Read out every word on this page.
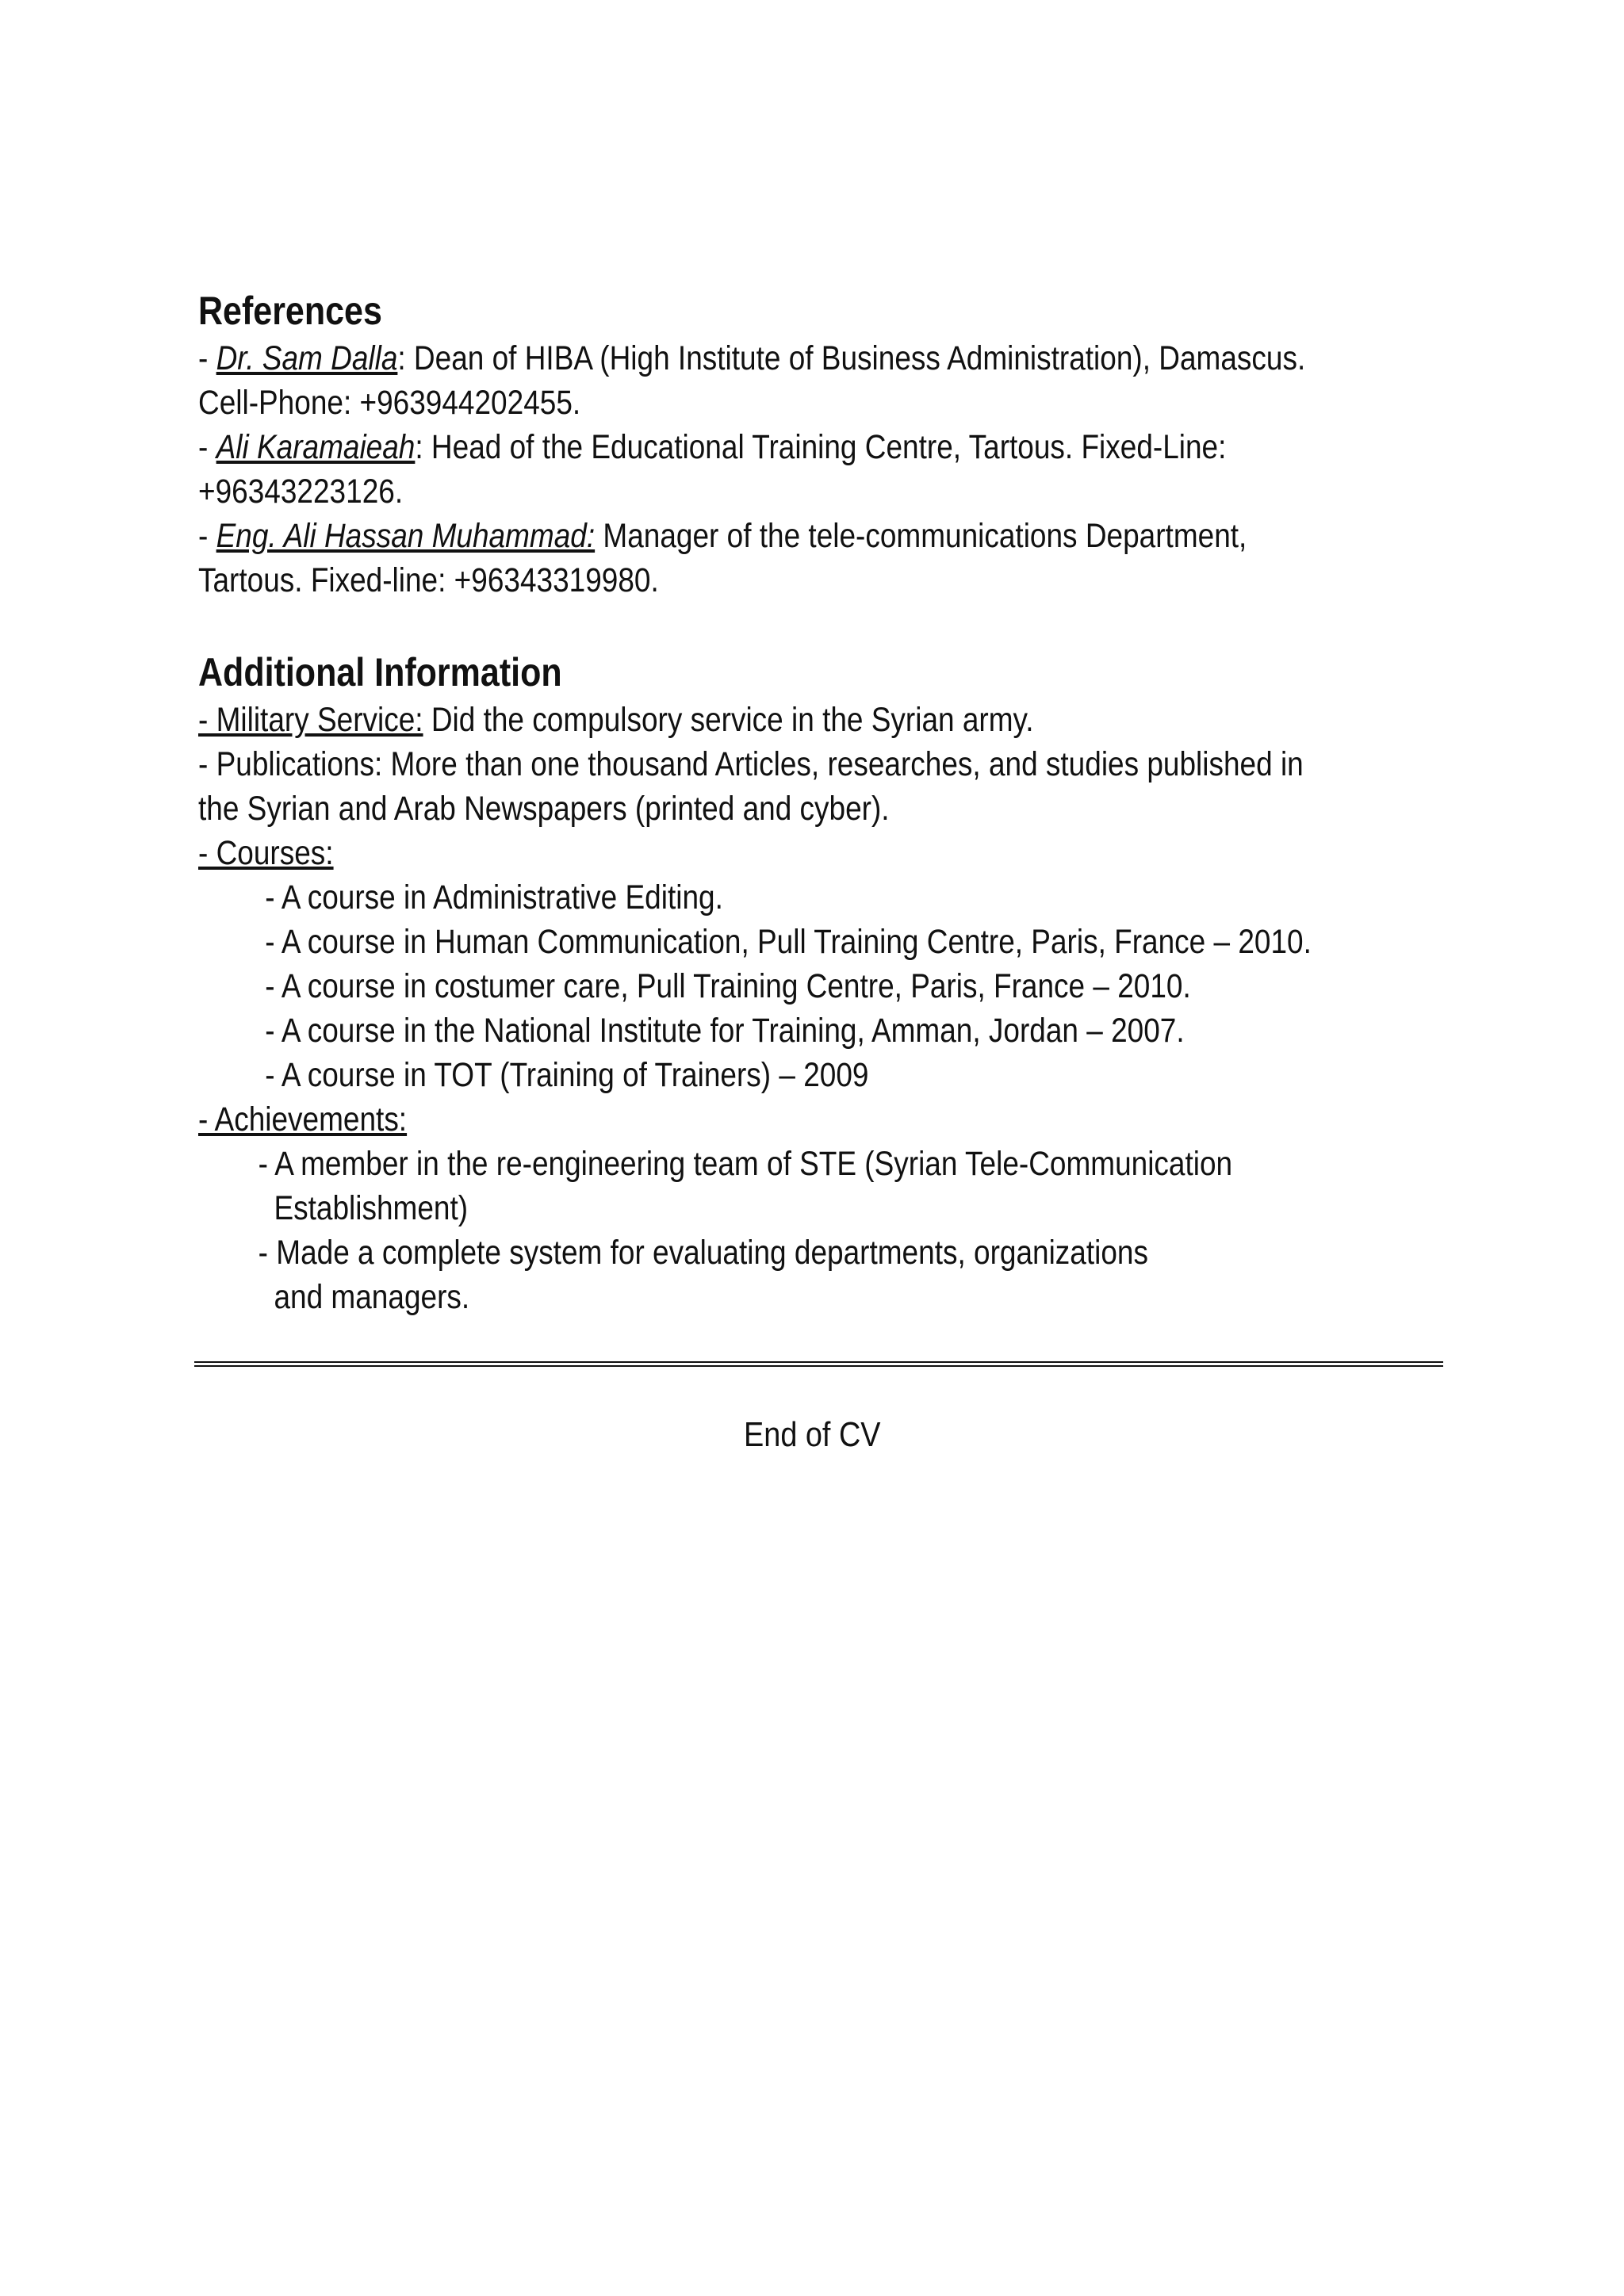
References
- Dr. Sam Dalla: Dean of HIBA (High Institute of Business Administration), Damascus.
Cell-Phone: +963944202455.
- Ali Karamaieah: Head of the Educational Training Centre, Tartous. Fixed-Line:
+96343223126.
- Eng. Ali Hassan Muhammad: Manager of the tele-communications Department,
Tartous. Fixed-line: +96343319980.
Additional Information
- Military Service: Did the compulsory service in the Syrian army.
- Publications: More than one thousand Articles, researches, and studies published in
the Syrian and Arab Newspapers (printed and cyber).
- Courses:
- A course in Administrative Editing.
- A course in Human Communication, Pull Training Centre, Paris, France – 2010.
- A course in costumer care, Pull Training Centre, Paris, France – 2010.
- A course in the National Institute for Training, Amman, Jordan – 2007.
- A course in TOT (Training of Trainers) – 2009
- Achievements:
- A member in the re-engineering team of STE (Syrian Tele-Communication
Establishment)
- Made a complete system for evaluating departments, organizations
and managers.
End of CV
